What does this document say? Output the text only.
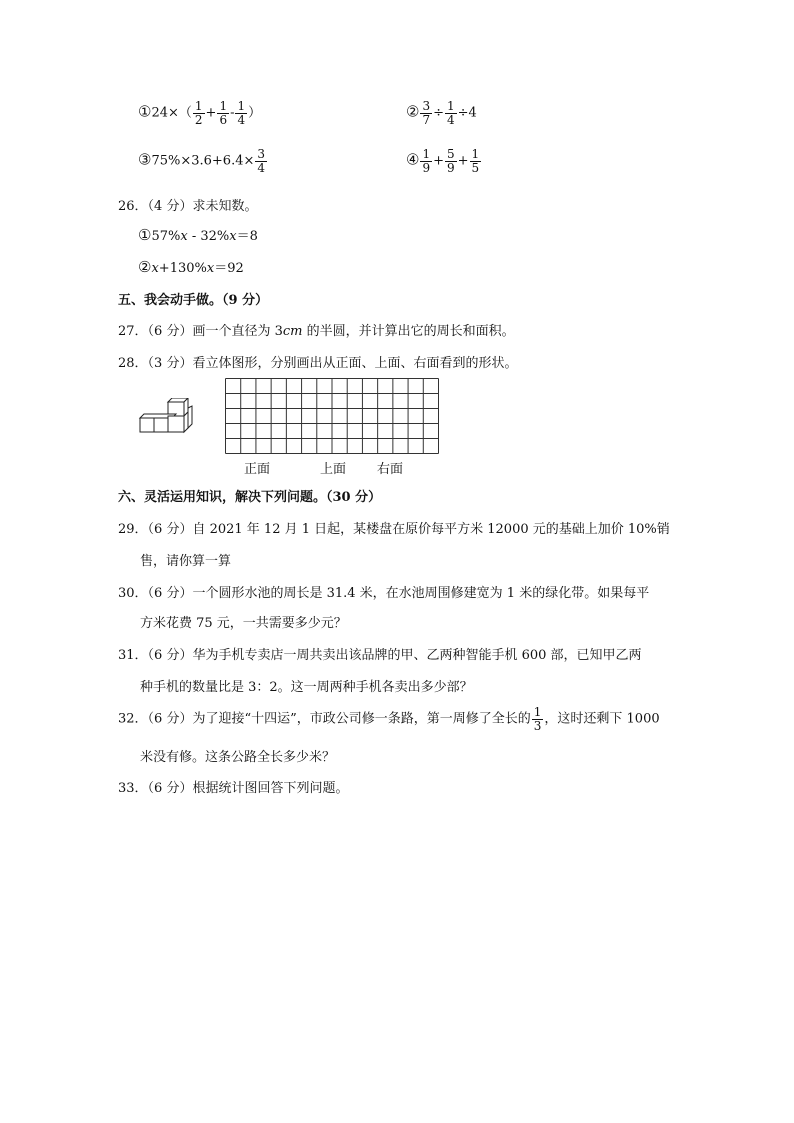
①24×（ $\frac{1}{2} + \frac{1}{6} - \frac{1}{4}$ ）	② $\frac{3}{7} \div \frac{1}{4} \div 4$
③75%×3.6+6.4× $\frac{3}{4}$	④ $\frac{1}{9} + \frac{5}{9} + \frac{1}{5}$
26．（4 分）求未知数。
①57%x - 32%x＝8
②x+130%x＝92
五、我会动手做。（9 分）
27．（6 分）画一个直径为 3cm 的半圆，并计算出它的周长和面积。
28．（3 分）看立体图形，分别画出从正面、上面、右面看到的形状。
正面	上面 右面
六、灵活运用知识，解决下列问题。（30 分）
29．（6 分）自 2021 年 12 月 1 日起，某楼盘在原价每平方米 12000 元的基础上加价 10%销
售，请你算一算
30．（6 分）一个圆形水池的周长是 31.4 米，在水池周围修建宽为 1 米的绿化带。如果每平
方米花费 75 元，一共需要多少元？
31．（6 分）华为手机专卖店一周共卖出该品牌的甲、乙两种智能手机 600 部，已知甲乙两
种手机的数量比是 3：2。这一周两种手机各卖出多少部？
32．（6 分）为了迎接“十四运”，市政公司修一条路，第一周修了全长的 $\frac{1}{3}$ ，这时还剩下 1000
米没有修。这条公路全长多少米？
33．（6 分）根据统计图回答下列问题。
